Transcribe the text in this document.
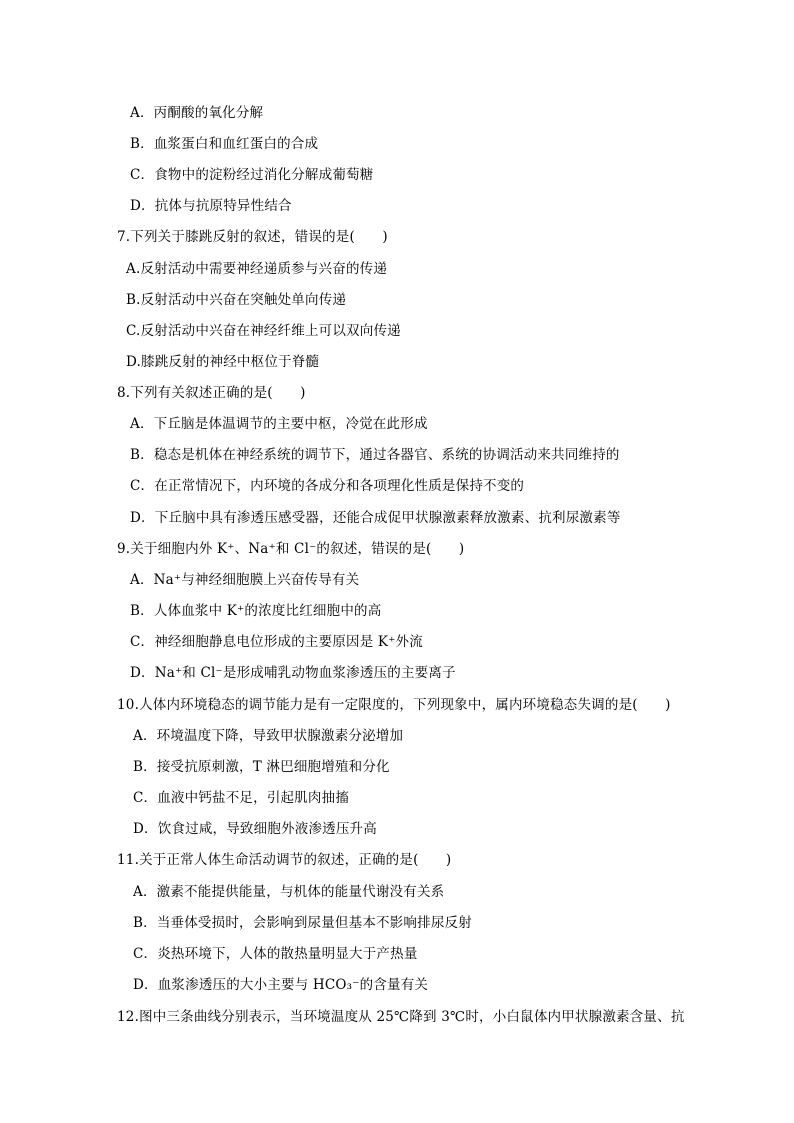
A．丙酮酸的氧化分解
B．血浆蛋白和血红蛋白的合成
C．食物中的淀粉经过消化分解成葡萄糖
D．抗体与抗原特异性结合
7.下列关于膝跳反射的叙述，错误的是(　　)
A.反射活动中需要神经递质参与兴奋的传递
B.反射活动中兴奋在突触处单向传递
C.反射活动中兴奋在神经纤维上可以双向传递
D.膝跳反射的神经中枢位于脊髓
8.下列有关叙述正确的是(　　)
A．下丘脑是体温调节的主要中枢，冷觉在此形成
B．稳态是机体在神经系统的调节下，通过各器官、系统的协调活动来共同维持的
C．在正常情况下，内环境的各成分和各项理化性质是保持不变的
D．下丘脑中具有渗透压感受器，还能合成促甲状腺激素释放激素、抗利尿激素等
9.关于细胞内外 K⁺、Na⁺和 Cl⁻的叙述，错误的是(　　)
A．Na⁺与神经细胞膜上兴奋传导有关
B．人体血浆中 K⁺的浓度比红细胞中的高
C．神经细胞静息电位形成的主要原因是 K⁺外流
D．Na⁺和 Cl⁻是形成哺乳动物血浆渗透压的主要离子
10.人体内环境稳态的调节能力是有一定限度的，下列现象中，属内环境稳态失调的是(　　)
A．环境温度下降，导致甲状腺激素分泌增加
B．接受抗原刺激，T 淋巴细胞增殖和分化
C．血液中钙盐不足，引起肌肉抽搐
D．饮食过咸，导致细胞外液渗透压升高
11.关于正常人体生命活动调节的叙述，正确的是(　　)
A．激素不能提供能量，与机体的能量代谢没有关系
B．当垂体受损时，会影响到尿量但基本不影响排尿反射
C．炎热环境下，人体的散热量明显大于产热量
D．血浆渗透压的大小主要与 HCO₃⁻的含量有关
12.图中三条曲线分别表示，当环境温度从 25℃降到 3℃时，小白鼠体内甲状腺激素含量、抗
